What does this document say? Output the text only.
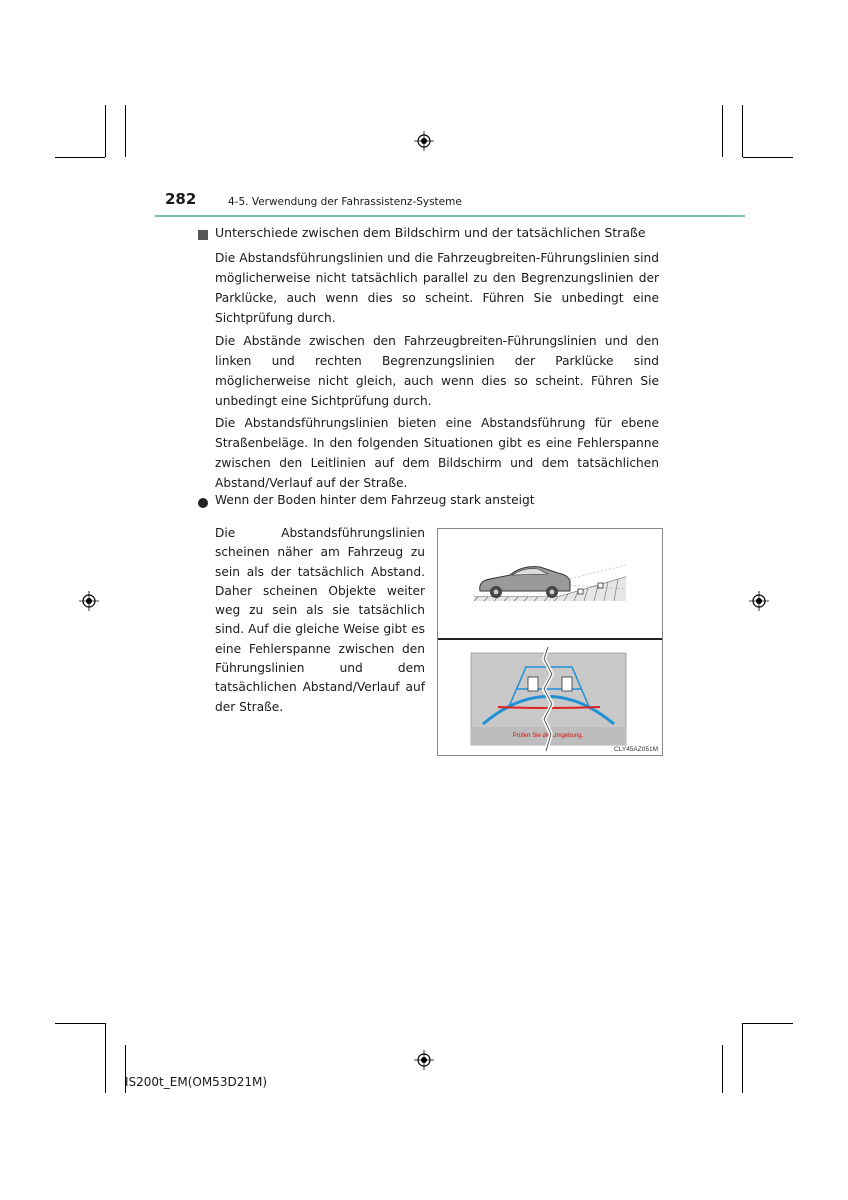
282	4-5. Verwendung der Fahrassistenz-Systeme
Unterschiede zwischen dem Bildschirm und der tatsächlichen Straße
Die Abstandsführungslinien und die Fahrzeugbreiten-Führungslinien sind möglicherweise nicht tatsächlich parallel zu den Begrenzungslinien der Parklücke, auch wenn dies so scheint. Führen Sie unbedingt eine Sichtprüfung durch.
Die Abstände zwischen den Fahrzeugbreiten-Führungslinien und den linken und rechten Begrenzungslinien der Parklücke sind möglicherweise nicht gleich, auch wenn dies so scheint. Führen Sie unbedingt eine Sichtprüfung durch.
Die Abstandsführungslinien bieten eine Abstandsführung für ebene Straßenbeläge. In den folgenden Situationen gibt es eine Fehlerspanne zwischen den Leitlinien auf dem Bildschirm und dem tatsächlichen Abstand/Verlauf auf der Straße.
Wenn der Boden hinter dem Fahrzeug stark ansteigt
Die Abstandsführungslinien scheinen näher am Fahrzeug zu sein als der tatsächlich Abstand. Daher scheinen Objekte weiter weg zu sein als sie tatsächlich sind. Auf die gleiche Weise gibt es eine Fehlerspanne zwischen den Führungslinien und dem tatsächlichen Abstand/Verlauf auf der Straße.
Prüfen Sie die Umgebung.
CLY45AZ051M
IS200t_EM(OM53D21M)
